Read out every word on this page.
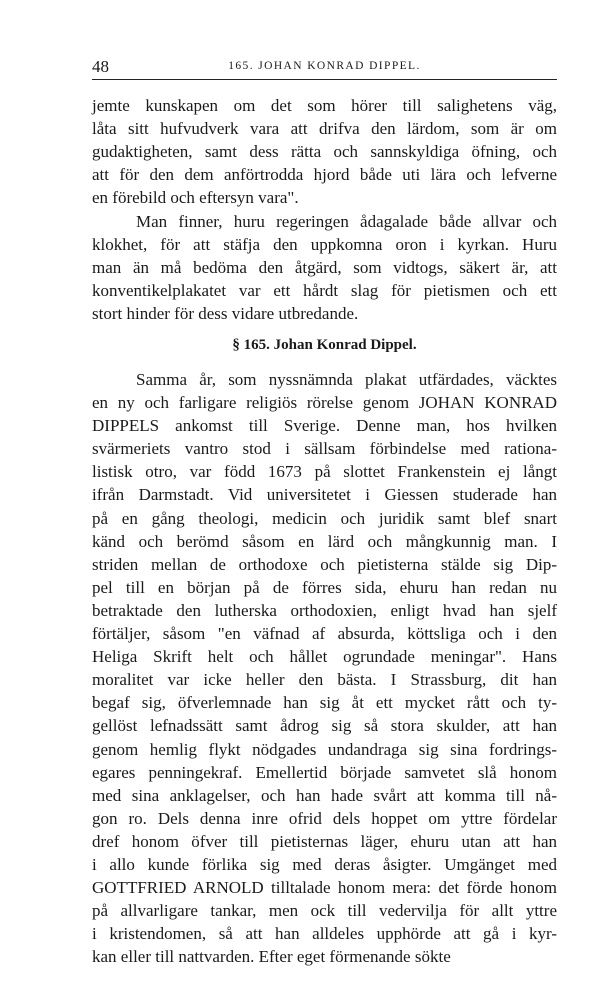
48	165. JOHAN KONRAD DIPPEL.
jemte kunskapen om det som hörer till salighetens väg,
låta sitt hufvudverk vara att drifva den lärdom, som är om
gudaktigheten, samt dess rätta och sannskyldiga öfning, och
att för den dem anförtrodda hjord både uti lära och lefverne
en förebild och eftersyn vara".
Man finner, huru regeringen ådagalade både allvar och
klokhet, för att stäfja den uppkomna oron i kyrkan. Huru
man än må bedöma den åtgärd, som vidtogs, säkert är, att
konventikelplakatet var ett hårdt slag för pietismen och ett
stort hinder för dess vidare utbredande.
§ 165. Johan Konrad Dippel.
Samma år, som nyssnämnda plakat utfärdades, väcktes
en ny och farligare religiös rörelse genom JOHAN KONRAD
DIPPELS ankomst till Sverige. Denne man, hos hvilken
svärmeriets vantro stod i sällsam förbindelse med rationa-
listisk otro, var född 1673 på slottet Frankenstein ej långt
ifrån Darmstadt. Vid universitetet i Giessen studerade han
på en gång theologi, medicin och juridik samt blef snart
känd och berömd såsom en lärd och mångkunnig man. I
striden mellan de orthodoxe och pietisterna stälde sig Dip-
pel till en början på de förres sida, ehuru han redan nu
betraktade den lutherska orthodoxien, enligt hvad han sjelf
förtäljer, såsom "en väfnad af absurda, köttsliga och i den
Heliga Skrift helt och hållet ogrundade meningar". Hans
moralitet var icke heller den bästa. I Strassburg, dit han
begaf sig, öfverlemnade han sig åt ett mycket rått och ty-
gellöst lefnadssätt samt ådrog sig så stora skulder, att han
genom hemlig flykt nödgades undandraga sig sina fordrings-
egares penningekraf. Emellertid började samvetet slå honom
med sina anklagelser, och han hade svårt att komma till nå-
gon ro. Dels denna inre ofrid dels hoppet om yttre fördelar
dref honom öfver till pietisternas läger, ehuru utan att han
i allo kunde förlika sig med deras åsigter. Umgänget med
GOTTFRIED ARNOLD tilltalade honom mera: det förde honom
på allvarligare tankar, men ock till vedervilja för allt yttre
i kristendomen, så att han alldeles upphörde att gå i kyr-
kan eller till nattvarden. Efter eget förmenande sökte
